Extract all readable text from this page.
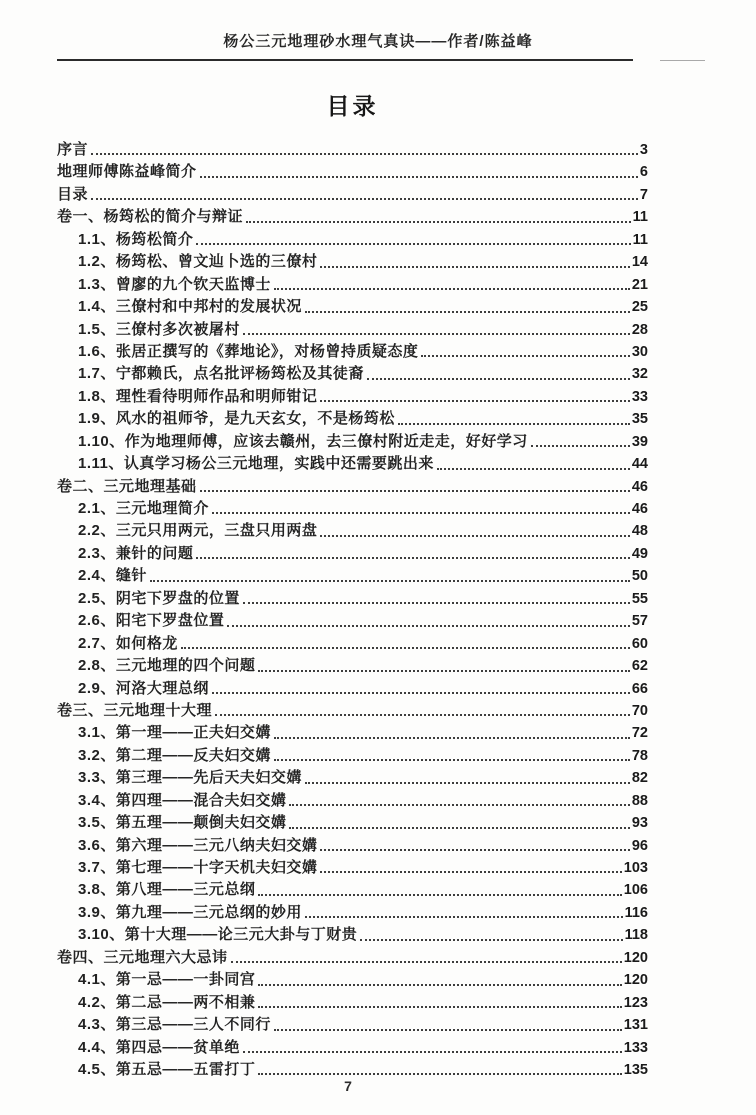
杨公三元地理砂水理气真诀——作者/陈益峰
目录
序言	3
地理师傅陈益峰简介	6
目录	7
卷一、杨筠松的简介与辩证	11
1.1、杨筠松简介	11
1.2、杨筠松、曾文辿卜选的三僚村	14
1.3、曾廖的九个钦天监博士	21
1.4、三僚村和中邦村的发展状况	25
1.5、三僚村多次被屠村	28
1.6、张居正撰写的《葬地论》，对杨曾持质疑态度	30
1.7、宁都赖氏，点名批评杨筠松及其徒裔	32
1.8、理性看待明师作品和明师钳记	33
1.9、风水的祖师爷，是九天玄女，不是杨筠松	35
1.10、作为地理师傅，应该去赣州，去三僚村附近走走，好好学习	39
1.11、认真学习杨公三元地理，实践中还需要跳出来	44
卷二、三元地理基础	46
2.1、三元地理简介	46
2.2、三元只用两元，三盘只用两盘	48
2.3、兼针的问题	49
2.4、缝针	50
2.5、阴宅下罗盘的位置	55
2.6、阳宅下罗盘位置	57
2.7、如何格龙	60
2.8、三元地理的四个问题	62
2.9、河洛大理总纲	66
卷三、三元地理十大理	70
3.1、第一理——正夫妇交媾	72
3.2、第二理——反夫妇交媾	78
3.3、第三理——先后天夫妇交媾	82
3.4、第四理——混合夫妇交媾	88
3.5、第五理——颠倒夫妇交媾	93
3.6、第六理——三元八纳夫妇交媾	96
3.7、第七理——十字天机夫妇交媾	103
3.8、第八理——三元总纲	106
3.9、第九理——三元总纲的妙用	116
3.10、第十大理——论三元大卦与丁财贵	118
卷四、三元地理六大忌讳	120
4.1、第一忌——一卦同宫	120
4.2、第二忌——两不相兼	123
4.3、第三忌——三人不同行	131
4.4、第四忌——贫单绝	133
4.5、第五忌——五雷打丁	135
7
